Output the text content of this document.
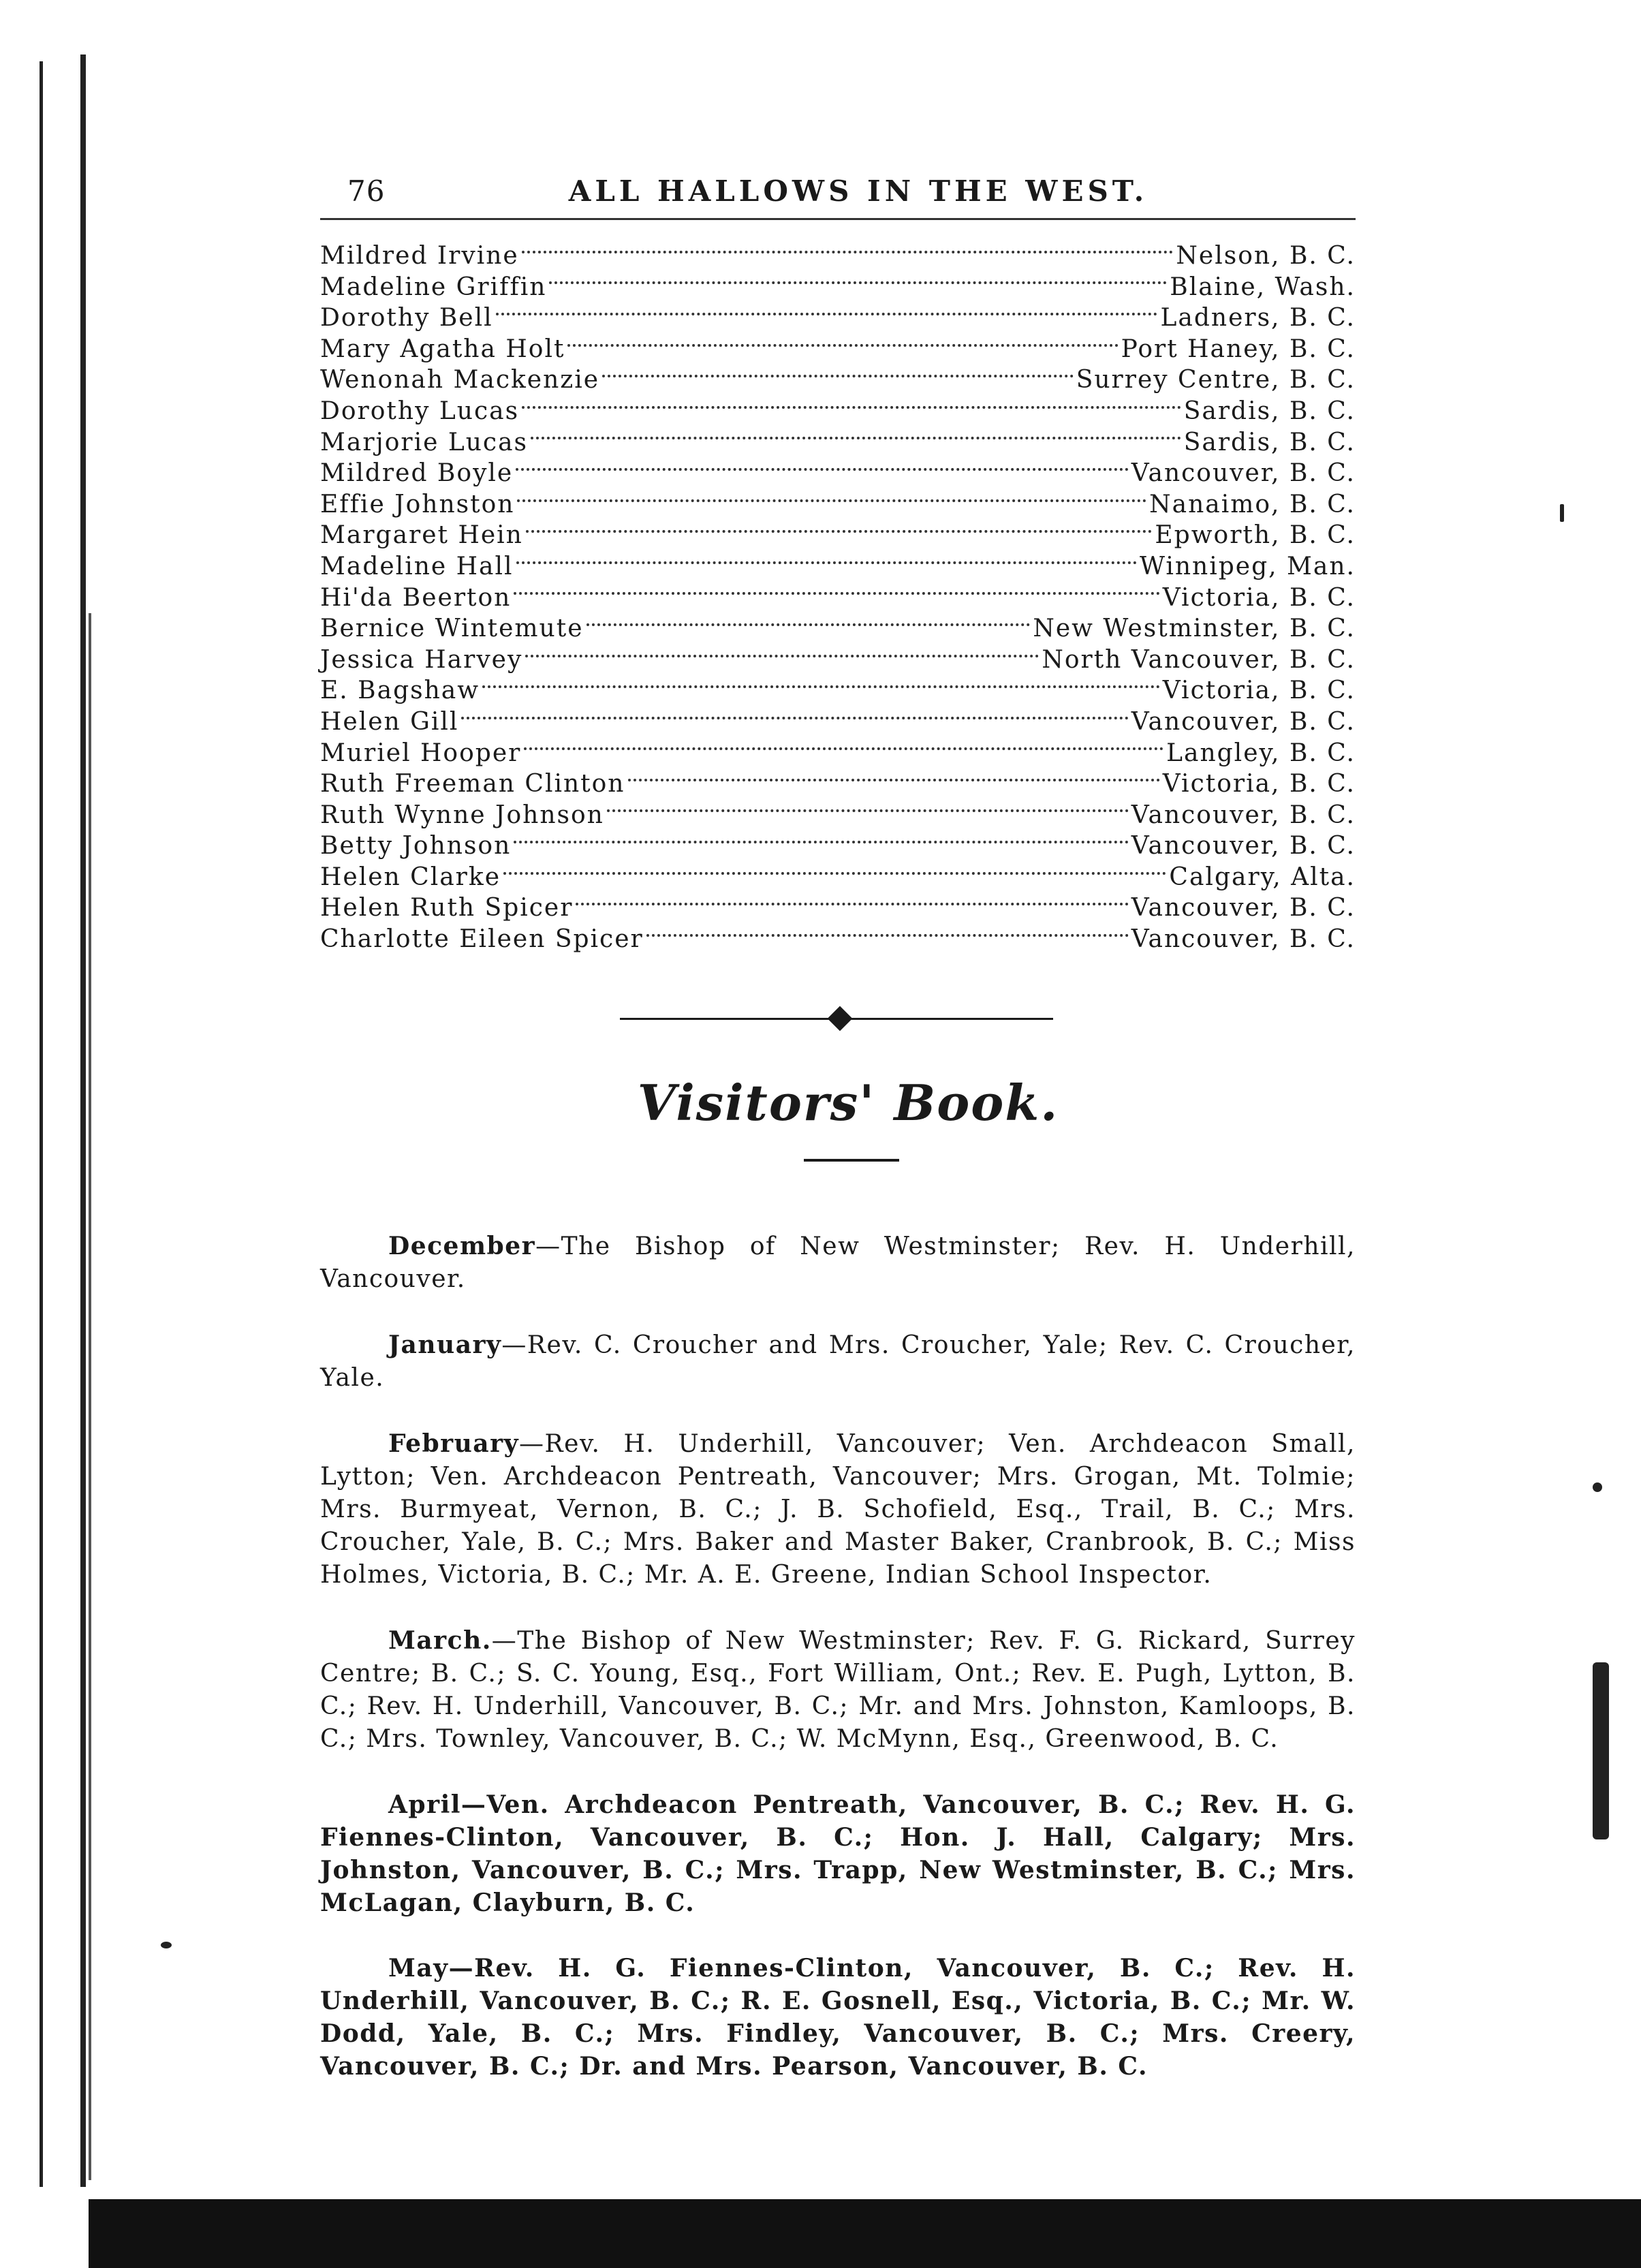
76	ALL HALLOWS IN THE WEST.
Mildred Irvine	Nelson, B. C.
Madeline Griffin	Blaine, Wash.
Dorothy Bell	Ladners, B. C.
Mary Agatha Holt	Port Haney, B. C.
Wenonah Mackenzie	Surrey Centre, B. C.
Dorothy Lucas	Sardis, B. C.
Marjorie Lucas	Sardis, B. C.
Mildred Boyle	Vancouver, B. C.
Effie Johnston	Nanaimo, B. C.
Margaret Hein	Epworth, B. C.
Madeline Hall	Winnipeg, Man.
Hi'da Beerton	Victoria, B. C.
Bernice Wintemute	New Westminster, B. C.
Jessica Harvey	North Vancouver, B. C.
E. Bagshaw	Victoria, B. C.
Helen Gill	Vancouver, B. C.
Muriel Hooper	Langley, B. C.
Ruth Freeman Clinton	Victoria, B. C.
Ruth Wynne Johnson	Vancouver, B. C.
Betty Johnson	Vancouver, B. C.
Helen Clarke	Calgary, Alta.
Helen Ruth Spicer	Vancouver, B. C.
Charlotte Eileen Spicer	Vancouver, B. C.
Visitors' Book.

December—The Bishop of New Westminster; Rev. H. Underhill, Vancouver.

January—Rev. C. Croucher and Mrs. Croucher, Yale; Rev. C. Croucher, Yale.

February—Rev. H. Underhill, Vancouver; Ven. Archdeacon Small, Lytton; Ven. Archdeacon Pentreath, Vancouver; Mrs. Grogan, Mt. Tolmie; Mrs. Burmyeat, Vernon, B. C.; J. B. Schofield, Esq., Trail, B. C.; Mrs. Croucher, Yale, B. C.; Mrs. Baker and Master Baker, Cranbrook, B. C.; Miss Holmes, Victoria, B. C.; Mr. A. E. Greene, Indian School Inspector.

March.—The Bishop of New Westminster; Rev. F. G. Rickard, Surrey Centre; B. C.; S. C. Young, Esq., Fort William, Ont.; Rev. E. Pugh, Lytton, B. C.; Rev. H. Underhill, Vancouver, B. C.; Mr. and Mrs. Johnston, Kamloops, B. C.; Mrs. Townley, Vancouver, B. C.; W. McMynn, Esq., Greenwood, B. C.

April—Ven. Archdeacon Pentreath, Vancouver, B. C.; Rev. H. G. Fiennes-Clinton, Vancouver, B. C.; Hon. J. Hall, Calgary; Mrs. Johnston, Vancouver, B. C.; Mrs. Trapp, New Westminster, B. C.; Mrs. McLagan, Clayburn, B. C.

May—Rev. H. G. Fiennes-Clinton, Vancouver, B. C.; Rev. H. Underhill, Vancouver, B. C.; R. E. Gosnell, Esq., Victoria, B. C.; Mr. W. Dodd, Yale, B. C.; Mrs. Findley, Vancouver, B. C.; Mrs. Creery, Vancouver, B. C.; Dr. and Mrs. Pearson, Vancouver, B. C.
